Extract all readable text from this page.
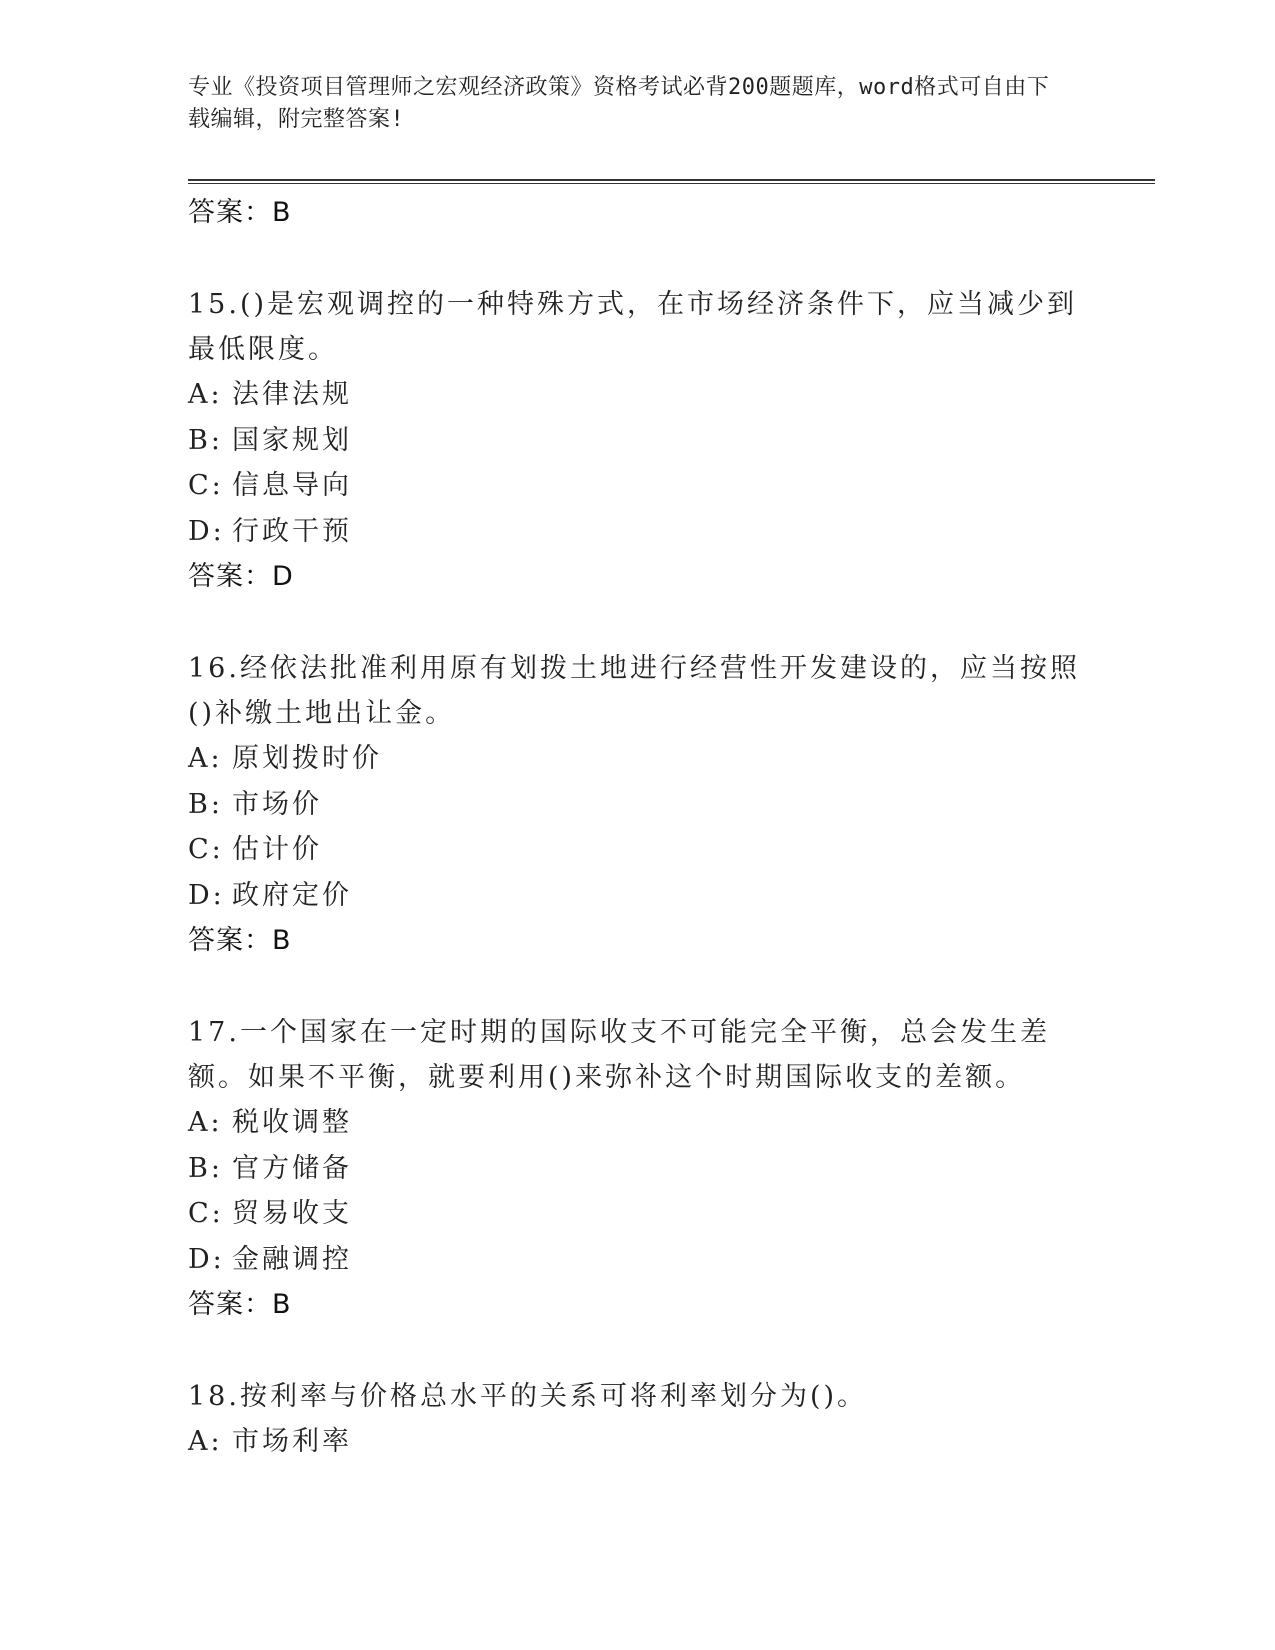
专业《投资项目管理师之宏观经济政策》资格考试必背200题题库，word格式可自由下载编辑，附完整答案!
答案：B
15.()是宏观调控的一种特殊方式，在市场经济条件下，应当减少到最低限度。
A: 法律法规
B: 国家规划
C: 信息导向
D: 行政干预
答案：D
16.经依法批准利用原有划拨土地进行经营性开发建设的，应当按照()补缴土地出让金。
A: 原划拨时价
B: 市场价
C: 估计价
D: 政府定价
答案：B
17.一个国家在一定时期的国际收支不可能完全平衡，总会发生差额。如果不平衡，就要利用()来弥补这个时期国际收支的差额。
A: 税收调整
B: 官方储备
C: 贸易收支
D: 金融调控
答案：B
18.按利率与价格总水平的关系可将利率划分为()。
A: 市场利率
